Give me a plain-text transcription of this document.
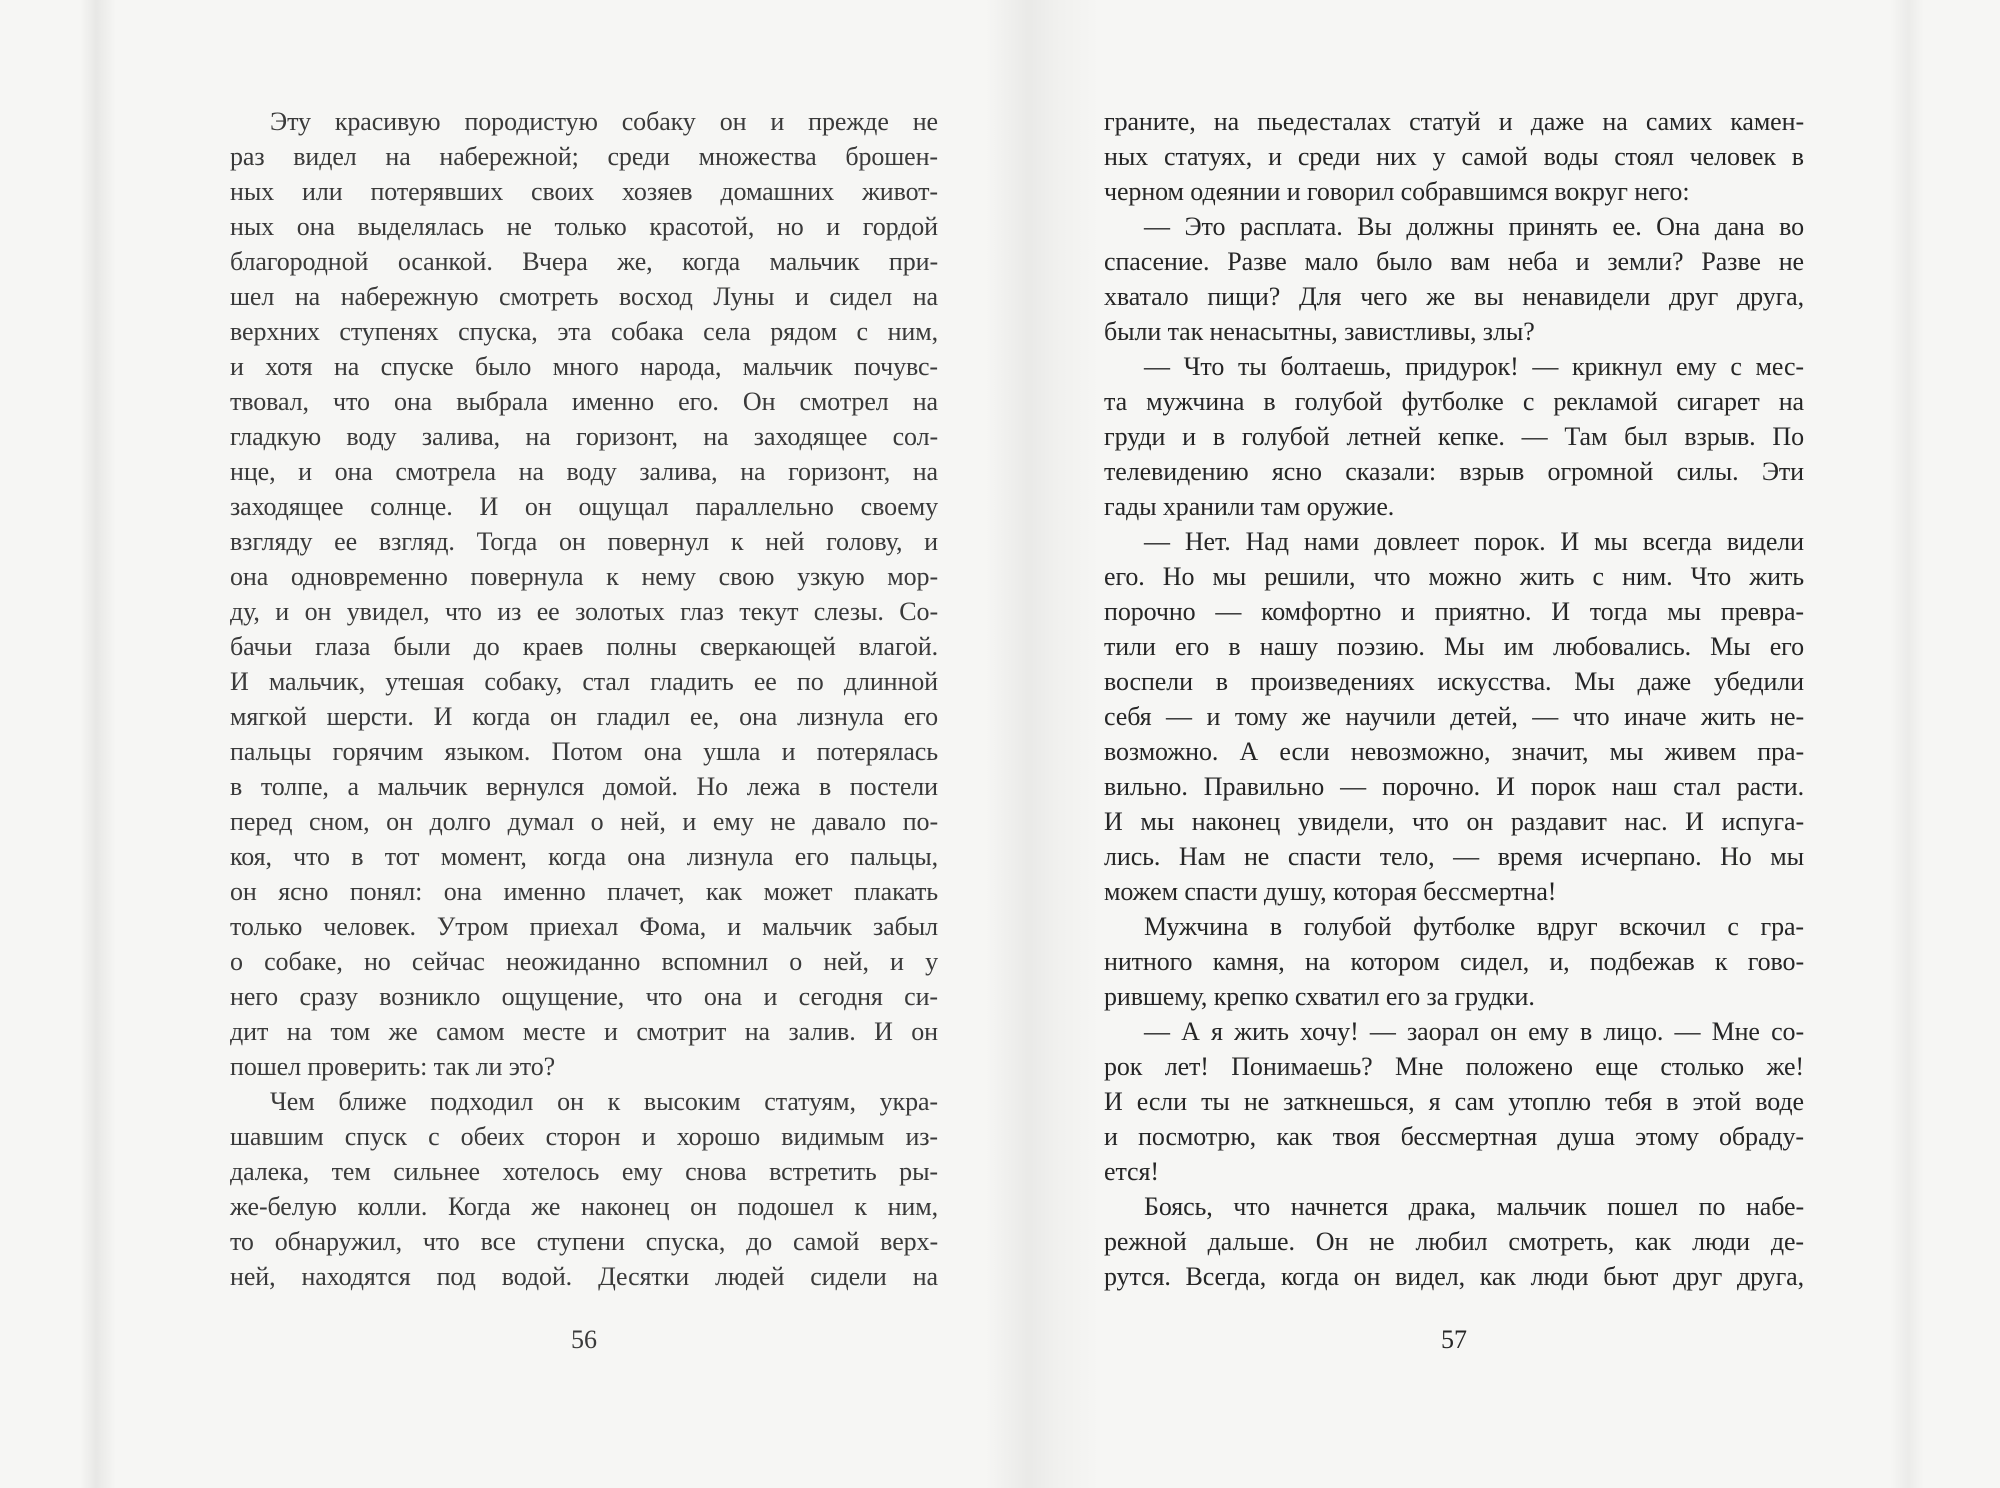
Эту красивую породистую собаку он и прежде не
раз видел на набережной; среди множества брошен-
ных или потерявших своих хозяев домашних живот-
ных она выделялась не только красотой, но и гордой
благородной осанкой. Вчера же, когда мальчик при-
шел на набережную смотреть восход Луны и сидел на
верхних ступенях спуска, эта собака села рядом с ним,
и хотя на спуске было много народа, мальчик почувс-
твовал, что она выбрала именно его. Он смотрел на
гладкую воду залива, на горизонт, на заходящее сол-
нце, и она смотрела на воду залива, на горизонт, на
заходящее солнце. И он ощущал параллельно своему
взгляду ее взгляд. Тогда он повернул к ней голову, и
она одновременно повернула к нему свою узкую мор-
ду, и он увидел, что из ее золотых глаз текут слезы. Со-
бачьи глаза были до краев полны сверкающей влагой.
И мальчик, утешая собаку, стал гладить ее по длинной
мягкой шерсти. И когда он гладил ее, она лизнула его
пальцы горячим языком. Потом она ушла и потерялась
в толпе, а мальчик вернулся домой. Но лежа в постели
перед сном, он долго думал о ней, и ему не давало по-
коя, что в тот момент, когда она лизнула его пальцы,
он ясно понял: она именно плачет, как может плакать
только человек. Утром приехал Фома, и мальчик забыл
о собаке, но сейчас неожиданно вспомнил о ней, и у
него сразу возникло ощущение, что она и сегодня си-
дит на том же самом месте и смотрит на залив. И он
пошел проверить: так ли это?
Чем ближе подходил он к высоким статуям, укра-
шавшим спуск с обеих сторон и хорошо видимым из-
далека, тем сильнее хотелось ему снова встретить ры-
же-белую колли. Когда же наконец он подошел к ним,
то обнаружил, что все ступени спуска, до самой верх-
ней, находятся под водой. Десятки людей сидели на
56
граните, на пьедесталах статуй и даже на самих камен-
ных статуях, и среди них у самой воды стоял человек в
черном одеянии и говорил собравшимся вокруг него:
— Это расплата. Вы должны принять ее. Она дана во
спасение. Разве мало было вам неба и земли? Разве не
хватало пищи? Для чего же вы ненавидели друг друга,
были так ненасытны, завистливы, злы?
— Что ты болтаешь, придурок! — крикнул ему с мес-
та мужчина в голубой футболке с рекламой сигарет на
груди и в голубой летней кепке. — Там был взрыв. По
телевидению ясно сказали: взрыв огромной силы. Эти
гады хранили там оружие.
— Нет. Над нами довлеет порок. И мы всегда видели
его. Но мы решили, что можно жить с ним. Что жить
порочно — комфортно и приятно. И тогда мы превра-
тили его в нашу поэзию. Мы им любовались. Мы его
воспели в произведениях искусства. Мы даже убедили
себя — и тому же научили детей, — что иначе жить не-
возможно. А если невозможно, значит, мы живем пра-
вильно. Правильно — порочно. И порок наш стал расти.
И мы наконец увидели, что он раздавит нас. И испуга-
лись. Нам не спасти тело, — время исчерпано. Но мы
можем спасти душу, которая бессмертна!
Мужчина в голубой футболке вдруг вскочил с гра-
нитного камня, на котором сидел, и, подбежав к гово-
рившему, крепко схватил его за грудки.
— А я жить хочу! — заорал он ему в лицо. — Мне со-
рок лет! Понимаешь? Мне положено еще столько же!
И если ты не заткнешься, я сам утоплю тебя в этой воде
и посмотрю, как твоя бессмертная душа этому обраду-
ется!
Боясь, что начнется драка, мальчик пошел по набе-
режной дальше. Он не любил смотреть, как люди де-
рутся. Всегда, когда он видел, как люди бьют друг друга,
57
